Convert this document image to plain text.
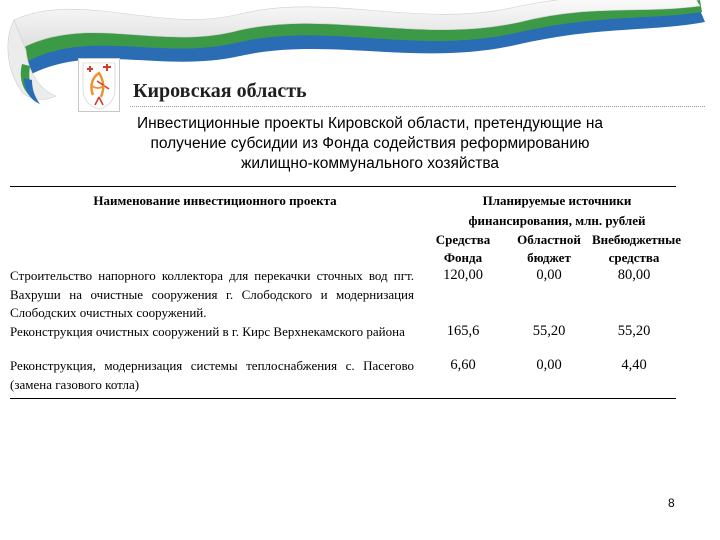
Кировская область
Инвестиционные проекты Кировской области, претендующие на
получение субсидии из Фонда содействия реформированию
жилищно-коммунального хозяйства
Наименование инвестиционного проекта	Планируемые источники финансирования, млн. рублей		
	Средства Фонда	Областной бюджет	Внебюджетные средства
Строительство напорного коллектора для перекачки сточных вод пгт. Вахруши на очистные сооружения г. Слободского и модернизация Слободских очистных сооружений.	120,00	0,00	80,00
Реконструкция очистных сооружений в г. Кирс Верхнекамского района	165,6	55,20	55,20
Реконструкция, модернизация системы теплоснабжения с. Пасегово (замена газового котла)	6,60	0,00	4,40

8
